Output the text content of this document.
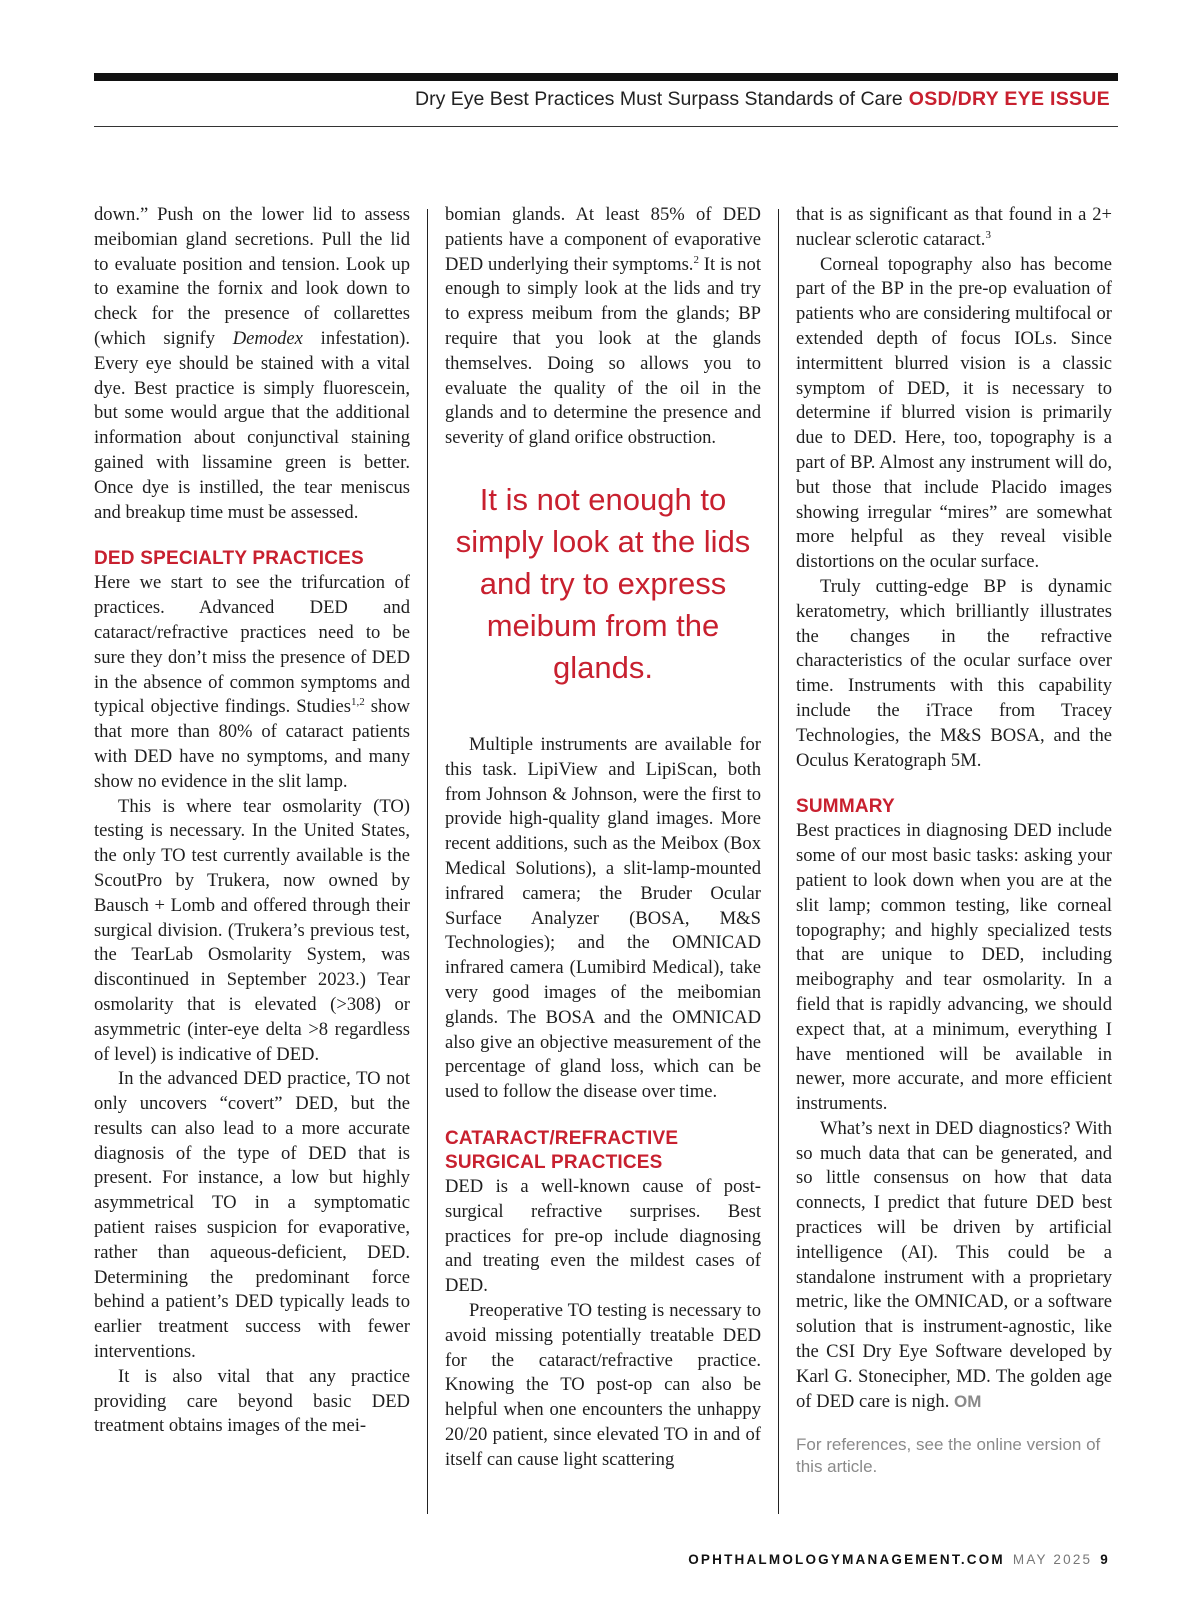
Dry Eye Best Practices Must Surpass Standards of Care OSD/DRY EYE ISSUE

down.” Push on the lower lid to assess meibomian gland secretions. Pull the lid to evaluate position and tension. Look up to examine the fornix and look down to check for the presence of collarettes (which signify Demodex infestation). Every eye should be stained with a vital dye. Best practice is simply fluorescein, but some would argue that the additional information about conjunctival staining gained with lissamine green is better. Once dye is instilled, the tear meniscus and breakup time must be assessed.

DED SPECIALTY PRACTICES

Here we start to see the trifurcation of practices. Advanced DED and cataract/refractive practices need to be sure they don’t miss the presence of DED in the absence of common symptoms and typical objective findings. Studies$^{1,2}$ show that more than 80% of cataract patients with DED have no symptoms, and many show no evidence in the slit lamp.

This is where tear osmolarity (TO) testing is necessary. In the United States, the only TO test currently available is the ScoutPro by Trukera, now owned by Bausch + Lomb and offered through their surgical division. (Trukera’s previous test, the TearLab Osmolarity System, was discontinued in September 2023.) Tear osmolarity that is elevated (>308) or asymmetric (inter-eye delta >8 regardless of level) is indicative of DED.

In the advanced DED practice, TO not only uncovers “covert” DED, but the results can also lead to a more accurate diagnosis of the type of DED that is present. For instance, a low but highly asymmetrical TO in a symptomatic patient raises suspicion for evaporative, rather than aqueous-deficient, DED. Determining the predominant force behind a patient’s DED typically leads to earlier treatment success with fewer interventions.

It is also vital that any practice providing care beyond basic DED treatment obtains images of the mei-

bomian glands. At least 85% of DED patients have a component of evaporative DED underlying their symptoms.$^2$ It is not enough to simply look at the lids and try to express meibum from the glands; BP require that you look at the glands themselves. Doing so allows you to evaluate the quality of the oil in the glands and to determine the presence and severity of gland orifice obstruction.

It is not enough to simply look at the lids and try to express meibum from the glands.

Multiple instruments are available for this task. LipiView and LipiScan, both from Johnson & Johnson, were the first to provide high-quality gland images. More recent additions, such as the Meibox (Box Medical Solutions), a slit-lamp-mounted infrared camera; the Bruder Ocular Surface Analyzer (BOSA, M&S Technologies); and the OMNICAD infrared camera (Lumibird Medical), take very good images of the meibomian glands. The BOSA and the OMNICAD also give an objective measurement of the percentage of gland loss, which can be used to follow the disease over time.

CATARACT/REFRACTIVE
SURGICAL PRACTICES

DED is a well-known cause of post-surgical refractive surprises. Best practices for pre-op include diagnosing and treating even the mildest cases of DED.

Preoperative TO testing is necessary to avoid missing potentially treatable DED for the cataract/refractive practice. Knowing the TO post-op can also be helpful when one encounters the unhappy 20/20 patient, since elevated TO in and of itself can cause light scattering

that is as significant as that found in a 2+ nuclear sclerotic cataract.$^3$

Corneal topography also has become part of the BP in the pre-op evaluation of patients who are considering multifocal or extended depth of focus IOLs. Since intermittent blurred vision is a classic symptom of DED, it is necessary to determine if blurred vision is primarily due to DED. Here, too, topography is a part of BP. Almost any instrument will do, but those that include Placido images showing irregular “mires” are somewhat more helpful as they reveal visible distortions on the ocular surface.

Truly cutting-edge BP is dynamic keratometry, which brilliantly illustrates the changes in the refractive characteristics of the ocular surface over time. Instruments with this capability include the iTrace from Tracey Technologies, the M&S BOSA, and the Oculus Keratograph 5M.

SUMMARY

Best practices in diagnosing DED include some of our most basic tasks: asking your patient to look down when you are at the slit lamp; common testing, like corneal topography; and highly specialized tests that are unique to DED, including meibography and tear osmolarity. In a field that is rapidly advancing, we should expect that, at a minimum, everything I have mentioned will be available in newer, more accurate, and more efficient instruments.

What’s next in DED diagnostics? With so much data that can be generated, and so little consensus on how that data connects, I predict that future DED best practices will be driven by artificial intelligence (AI). This could be a standalone instrument with a proprietary metric, like the OMNICAD, or a software solution that is instrument-agnostic, like the CSI Dry Eye Software developed by Karl G. Stonecipher, MD. The golden age of DED care is nigh. OM

For references, see the online version of this article.
OPHTHALMOLOGYMANAGEMENT.COM MAY 2025 9
